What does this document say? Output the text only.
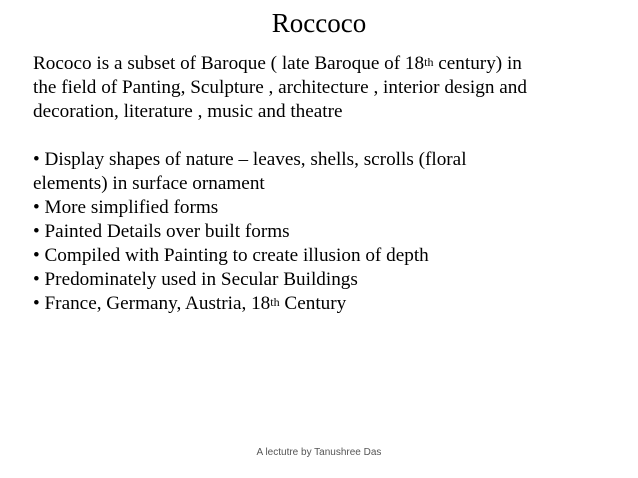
Roccoco
Rococo is a subset of Baroque ( late Baroque of 18th century) in
the field of Panting, Sculpture , architecture , interior design and
decoration, literature , music and theatre
• Display shapes of nature – leaves, shells, scrolls (floral
elements) in surface ornament
• More simplified forms
• Painted Details over built forms
• Compiled with Painting to create illusion of depth
• Predominately used in Secular Buildings
• France, Germany, Austria, 18th Century
A lectutre by Tanushree Das
